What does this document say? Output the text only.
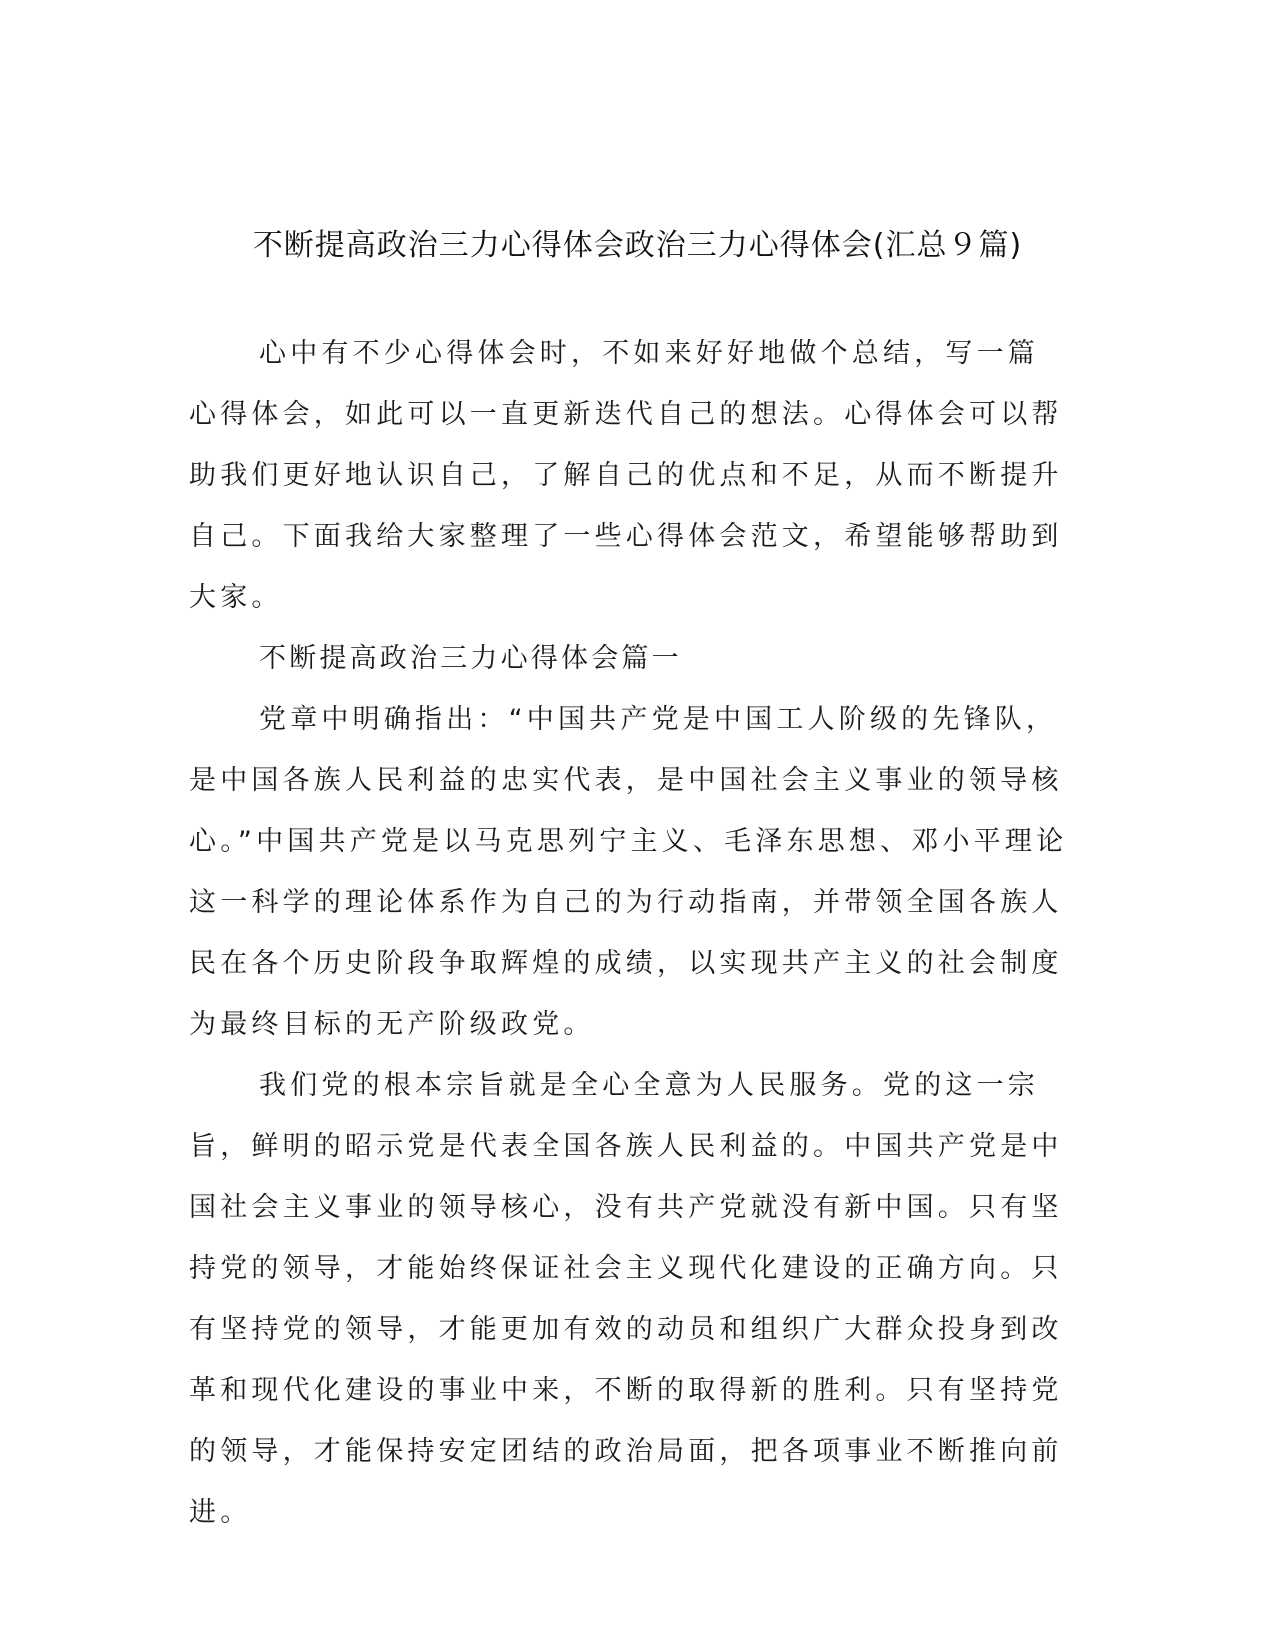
不断提高政治三力心得体会政治三力心得体会(汇总９篇)

心中有不少心得体会时，不如来好好地做个总结，写一篇心得体会，如此可以一直更新迭代自己的想法。心得体会可以帮助我们更好地认识自己，了解自己的优点和不足，从而不断提升自己。下面我给大家整理了一些心得体会范文，希望能够帮助到大家。

不断提高政治三力心得体会篇一

党章中明确指出：“中国共产党是中国工人阶级的先锋队，是中国各族人民利益的忠实代表，是中国社会主义事业的领导核心。”中国共产党是以马克思列宁主义、毛泽东思想、邓小平理论这一科学的理论体系作为自己的为行动指南，并带领全国各族人民在各个历史阶段争取辉煌的成绩，以实现共产主义的社会制度为最终目标的无产阶级政党。

我们党的根本宗旨就是全心全意为人民服务。党的这一宗旨，鲜明的昭示党是代表全国各族人民利益的。中国共产党是中国社会主义事业的领导核心，没有共产党就没有新中国。只有坚持党的领导，才能始终保证社会主义现代化建设的正确方向。只有坚持党的领导，才能更加有效的动员和组织广大群众投身到改革和现代化建设的事业中来，不断的取得新的胜利。只有坚持党的领导，才能保持安定团结的政治局面，把各项事业不断推向前进。
